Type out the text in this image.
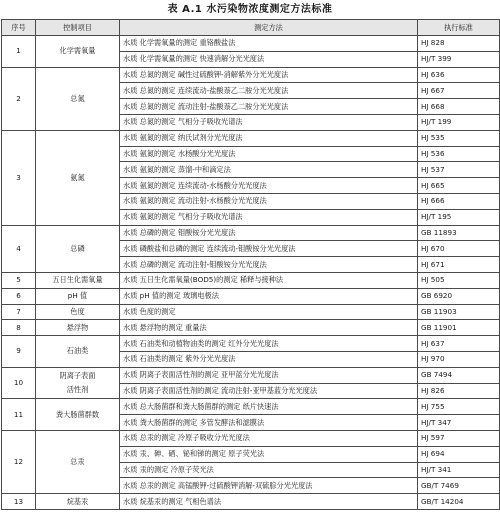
表 A.1 水污染物浓度测定方法标准
序号	控制项目	测定方法	执行标准
1	化学需氧量	水质 化学需氧量的测定 重铬酸盐法	HJ 828
		水质 化学需氧量的测定 快速消解分光光度法	HJ/T 399
2	总氮	水质 总氮的测定 碱性过硫酸钾-消解紫外分光光度法	HJ 636
		水质 总氮的测定 连续流动-盐酸萘乙二胺分光光度法	HJ 667
		水质 总氮的测定 流动注射-盐酸萘乙二胺分光光度法	HJ 668
		水质 总氮的测定 气相分子吸收光谱法	HJ/T 199
3	氨氮	水质 氨氮的测定 纳氏试剂分光光度法	HJ 535
		水质 氨氮的测定 水杨酸分光光度法	HJ 536
		水质 氨氮的测定 蒸馏-中和滴定法	HJ 537
		水质 氨氮的测定 连续流动-水杨酸分光光度法	HJ 665
		水质 氨氮的测定 流动注射-水杨酸分光光度法	HJ 666
		水质 氨氮的测定 气相分子吸收光谱法	HJ/T 195
4	总磷	水质 总磷的测定 钼酸铵分光光度法	GB 11893
		水质 磷酸盐和总磷的测定 连续流动-钼酸铵分光光度法	HJ 670
		水质 总磷的测定 流动注射-钼酸铵分光光度法	HJ 671
5	五日生化需氧量	水质 五日生化需氧量(BOD5)的测定 稀释与接种法	HJ 505
6	pH 值	水质 pH 值的测定 玻璃电极法	GB 6920
7	色度	水质 色度的测定	GB 11903
8	悬浮物	水质 悬浮物的测定 重量法	GB 11901
9	石油类	水质 石油类和动植物油类的测定 红外分光光度法	HJ 637
		水质 石油类的测定 紫外分光光度法	HJ 970
10	阴离子表面
活性剂	水质 阴离子表面活性剂的测定 亚甲蓝分光光度法	GB 7494
		水质 阴离子表面活性剂的测定 流动注射-亚甲基蓝分光光度法	HJ 826
11	粪大肠菌群数	水质 总大肠菌群和粪大肠菌群的测定 纸片快速法	HJ 755
		水质 粪大肠菌群的测定 多管发酵法和滤膜法	HJ/T 347
12	总汞	水质 总汞的测定 冷原子吸收分光光度法	HJ 597
		水质 汞、砷、硒、铋和锑的测定 原子荧光法	HJ 694
		水质 汞的测定 冷原子荧光法	HJ/T 341
		水质 总汞的测定 高锰酸钾-过硫酸钾消解-双硫腙分光光度法	GB/T 7469
13	烷基汞	水质 烷基汞的测定 气相色谱法	GB/T 14204
